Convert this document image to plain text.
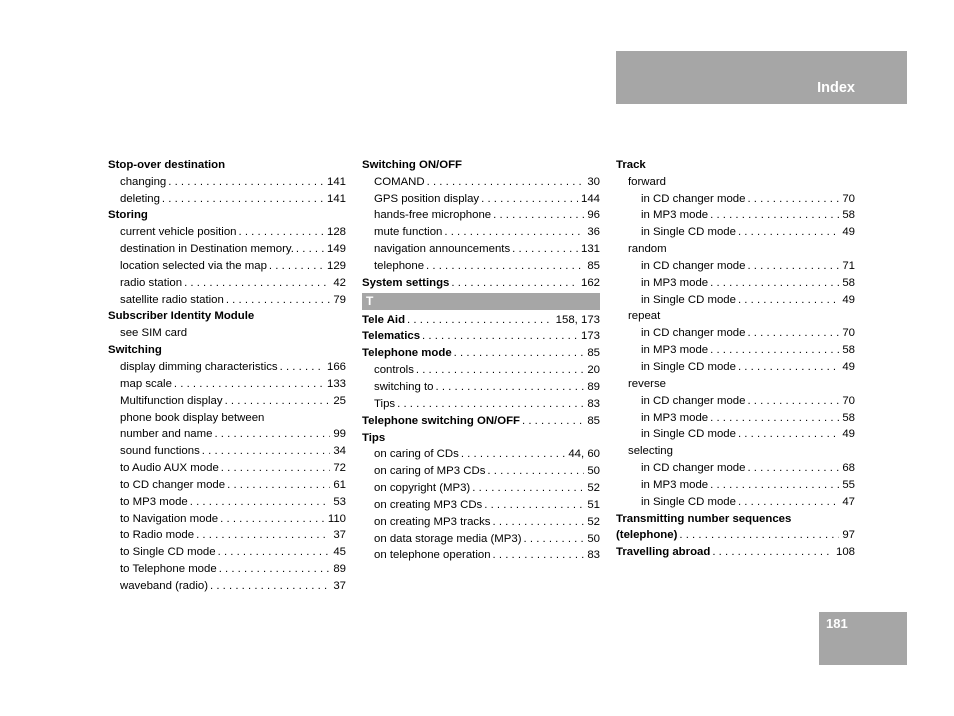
Index
Stop-over destination
changing . . .	141
deleting . . .	141
Storing
current vehicle position . . .	128
destination in Destination memory. . . .	149
location selected via the map . . .	129
radio station . . .	42
satellite radio station . . .	79
Subscriber Identity Module
see SIM card
Switching
display dimming characteristics . . .	166
map scale . . .	133
Multifunction display . . .	25
phone book display between
number and name . . .	99
sound functions . . .	34
to Audio AUX mode . . .	72
to CD changer mode . . .	61
to MP3 mode . . .	53
to Navigation mode . . .	110
to Radio mode . . .	37
to Single CD mode . . .	45
to Telephone mode . . .	89
waveband (radio) . . .	37
Switching ON/OFF
COMAND . . .	30
GPS position display . . .	144
hands-free microphone . . .	96
mute function . . .	36
navigation announcements . . .	131
telephone . . .	85
System settings . . .	162
T
Tele Aid . . .	158, 173
Telematics . . .	173
Telephone mode . . .	85
controls . . .	20
switching to . . .	89
Tips . . .	83
Telephone switching ON/OFF . . .	85
Tips
on caring of CDs . . .	44, 60
on caring of MP3 CDs . . .	50
on copyright (MP3) . . .	52
on creating MP3 CDs . . .	51
on creating MP3 tracks . . .	52
on data storage media (MP3) . . .	50
on telephone operation . . .	83
Track
forward
in CD changer mode . . .	70
in MP3 mode . . .	58
in Single CD mode . . .	49
random
in CD changer mode . . .	71
in MP3 mode . . .	58
in Single CD mode . . .	49
repeat
in CD changer mode . . .	70
in MP3 mode . . .	58
in Single CD mode . . .	49
reverse
in CD changer mode . . .	70
in MP3 mode . . .	58
in Single CD mode . . .	49
selecting
in CD changer mode . . .	68
in MP3 mode . . .	55
in Single CD mode . . .	47
Transmitting number sequences
(telephone) . . .	97
Travelling abroad . . .	108
181
